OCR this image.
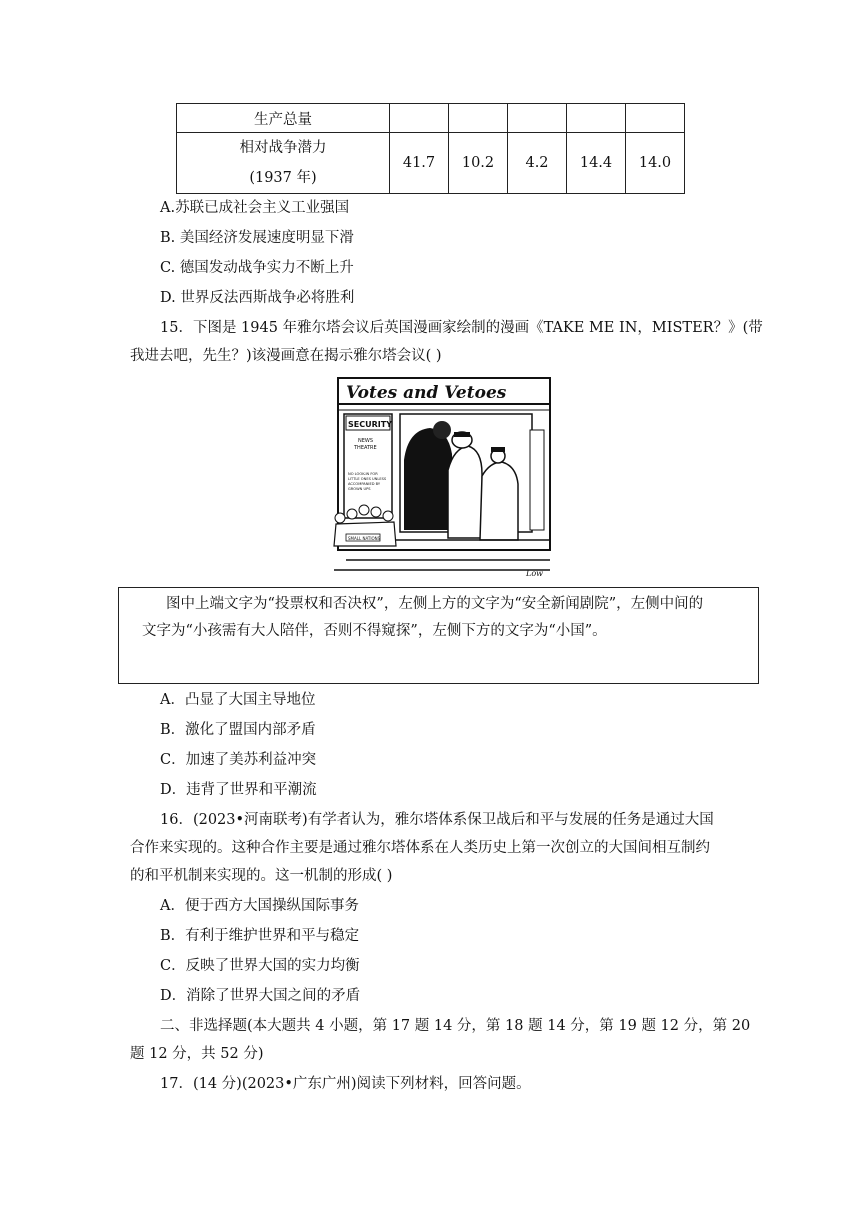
生产总量					

相对战争潜力
(1937 年)	41.7	10.2	4.2	14.4	14.0
A.苏联已成社会主义工业强国
B. 美国经济发展速度明显下滑
C. 德国发动战争实力不断上升
D. 世界反法西斯战争必将胜利
15．下图是 1945 年雅尔塔会议后英国漫画家绘制的漫画《TAKE ME IN，MISTER？》(带
我进去吧，先生？)该漫画意在揭示雅尔塔会议( )
Votes and Vetoes
SECURITY
NEWS
THEATRE
NO LOOK-IN FOR
LITTLE ONES UNLESS
ACCOMPANIED BY
GROWN UPS
SMALL NATIONS
Low
图中上端文字为“投票权和否决权”，左侧上方的文字为“安全新闻剧院”，左侧中间的
文字为“小孩需有大人陪伴，否则不得窥探”，左侧下方的文字为“小国”。
A．凸显了大国主导地位
B．激化了盟国内部矛盾
C．加速了美苏利益冲突
D．违背了世界和平潮流
16．(2023•河南联考)有学者认为，雅尔塔体系保卫战后和平与发展的任务是通过大国
合作来实现的。这种合作主要是通过雅尔塔体系在人类历史上第一次创立的大国间相互制约
的和平机制来实现的。这一机制的形成( )
A．便于西方大国操纵国际事务
B．有利于维护世界和平与稳定
C．反映了世界大国的实力均衡
D．消除了世界大国之间的矛盾
二、非选择题(本大题共 4 小题，第 17 题 14 分，第 18 题 14 分，第 19 题 12 分，第 20
题 12 分，共 52 分)
17．(14 分)(2023•广东广州)阅读下列材料，回答问题。
